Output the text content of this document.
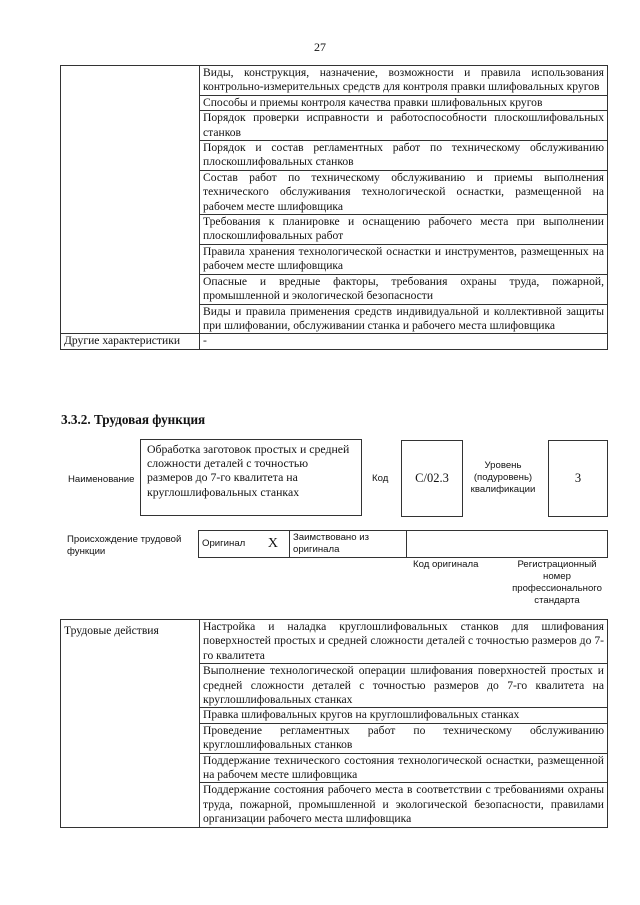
27
	Виды, конструкция, назначение, возможности и правила использования контрольно-измерительных средств для контроля правки шлифовальных кругов
	Способы и приемы контроля качества правки шлифовальных кругов
	Порядок проверки исправности и работоспособности плоскошлифовальных станков
	Порядок и состав регламентных работ по техническому обслуживанию плоскошлифовальных станков
	Состав работ по техническому обслуживанию и приемы выполнения технического обслуживания технологической оснастки, размещенной на рабочем месте шлифовщика
	Требования к планировке и оснащению рабочего места при выполнении плоскошлифовальных работ
	Правила хранения технологической оснастки и инструментов, размещенных на рабочем месте шлифовщика
	Опасные и вредные факторы, требования охраны труда, пожарной, промышленной и экологической безопасности
	Виды и правила применения средств индивидуальной и коллективной защиты при шлифовании, обслуживании станка и рабочего места шлифовщика
Другие характеристики	-
3.3.2. Трудовая функция
Наименование
Обработка заготовок простых и средней сложности деталей с точностью размеров до 7-го квалитета на круглошлифовальных станках
Код C/02.3
Уровень (подуровень) квалификации
3
Происхождение трудовой функции
Оригинал X	Заимствовано из оригинала	
Код оригинала	Регистрационный номер профессионального стандарта
Трудовые действия	Настройка и наладка круглошлифовальных станков для шлифования поверхностей простых и средней сложности деталей с точностью размеров до 7-го квалитета
Выполнение технологической операции шлифования поверхностей простых и средней сложности деталей с точностью размеров до 7-го квалитета на круглошлифовальных станках
Правка шлифовальных кругов на круглошлифовальных станках
Проведение регламентных работ по техническому обслуживанию круглошлифовальных станков
Поддержание технического состояния технологической оснастки, размещенной на рабочем месте шлифовщика
Поддержание состояния рабочего места в соответствии с требованиями охраны труда, пожарной, промышленной и экологической безопасности, правилами организации рабочего места шлифовщика
